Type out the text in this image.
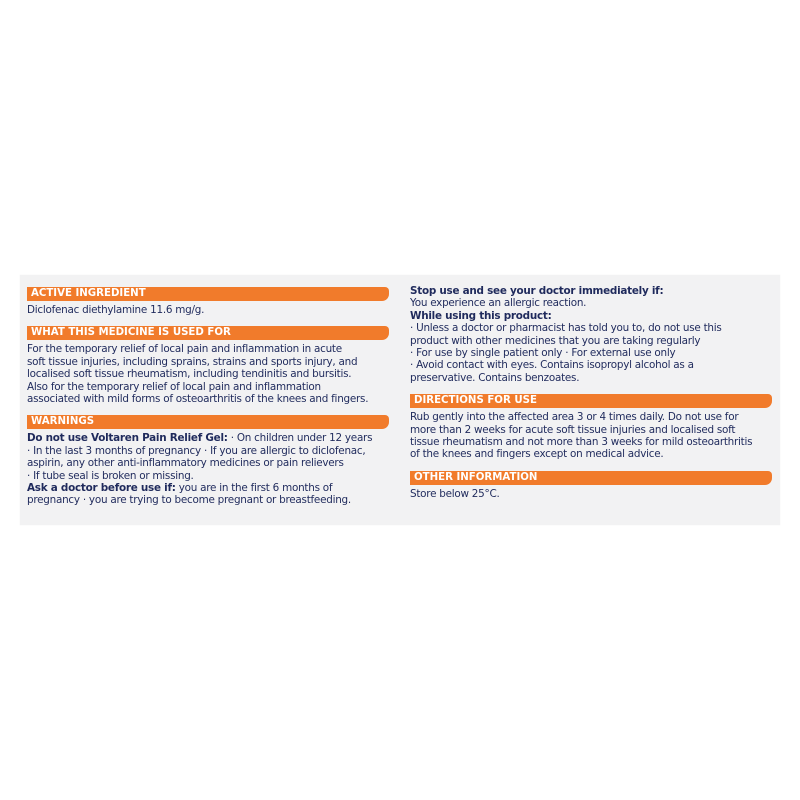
ACTIVE INGREDIENT
Diclofenac diethylamine 11.6 mg/g.
WHAT THIS MEDICINE IS USED FOR
For the temporary relief of local pain and inflammation in acute
soft tissue injuries, including sprains, strains and sports injury, and
localised soft tissue rheumatism, including tendinitis and bursitis.
Also for the temporary relief of local pain and inflammation
associated with mild forms of osteoarthritis of the knees and fingers.
WARNINGS
Do not use Voltaren Pain Relief Gel: · On children under 12 years
· In the last 3 months of pregnancy · If you are allergic to diclofenac,
aspirin, any other anti-inflammatory medicines or pain relievers
· If tube seal is broken or missing.
Ask a doctor before use if: you are in the first 6 months of
pregnancy · you are trying to become pregnant or breastfeeding.
Stop use and see your doctor immediately if:
You experience an allergic reaction.
While using this product:
· Unless a doctor or pharmacist has told you to, do not use this
product with other medicines that you are taking regularly
· For use by single patient only · For external use only
· Avoid contact with eyes. Contains isopropyl alcohol as a
preservative. Contains benzoates.
DIRECTIONS FOR USE
Rub gently into the affected area 3 or 4 times daily. Do not use for
more than 2 weeks for acute soft tissue injuries and localised soft
tissue rheumatism and not more than 3 weeks for mild osteoarthritis
of the knees and fingers except on medical advice.
OTHER INFORMATION
Store below 25°C.
